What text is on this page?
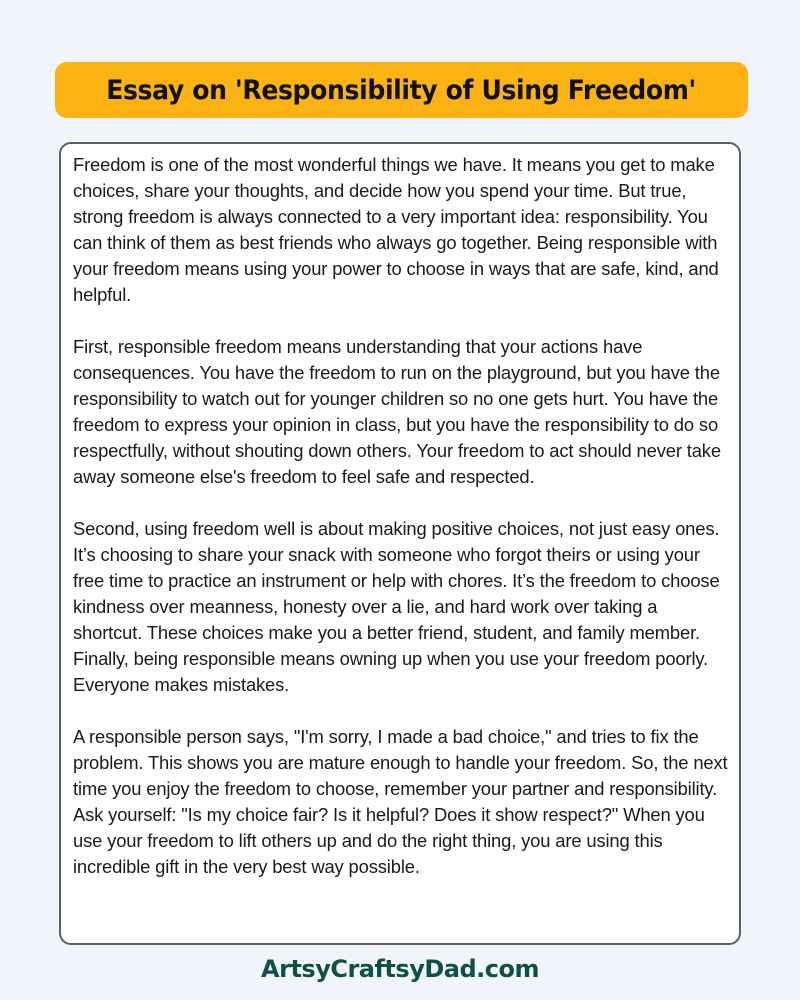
Essay on 'Responsibility of Using Freedom'

Freedom is one of the most wonderful things we have. It means you get to make choices, share your thoughts, and decide how you spend your time. But true, strong freedom is always connected to a very important idea: responsibility. You can think of them as best friends who always go together. Being responsible with your freedom means using your power to choose in ways that are safe, kind, and helpful.

First, responsible freedom means understanding that your actions have consequences. You have the freedom to run on the playground, but you have the responsibility to watch out for younger children so no one gets hurt. You have the freedom to express your opinion in class, but you have the responsibility to do so respectfully, without shouting down others. Your freedom to act should never take away someone else's freedom to feel safe and respected.

Second, using freedom well is about making positive choices, not just easy ones. It’s choosing to share your snack with someone who forgot theirs or using your free time to practice an instrument or help with chores. It’s the freedom to choose kindness over meanness, honesty over a lie, and hard work over taking a shortcut. These choices make you a better friend, student, and family member. Finally, being responsible means owning up when you use your freedom poorly. Everyone makes mistakes.

A responsible person says, "I'm sorry, I made a bad choice," and tries to fix the problem. This shows you are mature enough to handle your freedom. So, the next time you enjoy the freedom to choose, remember your partner and responsibility. Ask yourself: "Is my choice fair? Is it helpful? Does it show respect?" When you use your freedom to lift others up and do the right thing, you are using this incredible gift in the very best way possible.

ArtsyCraftsyDad.com
